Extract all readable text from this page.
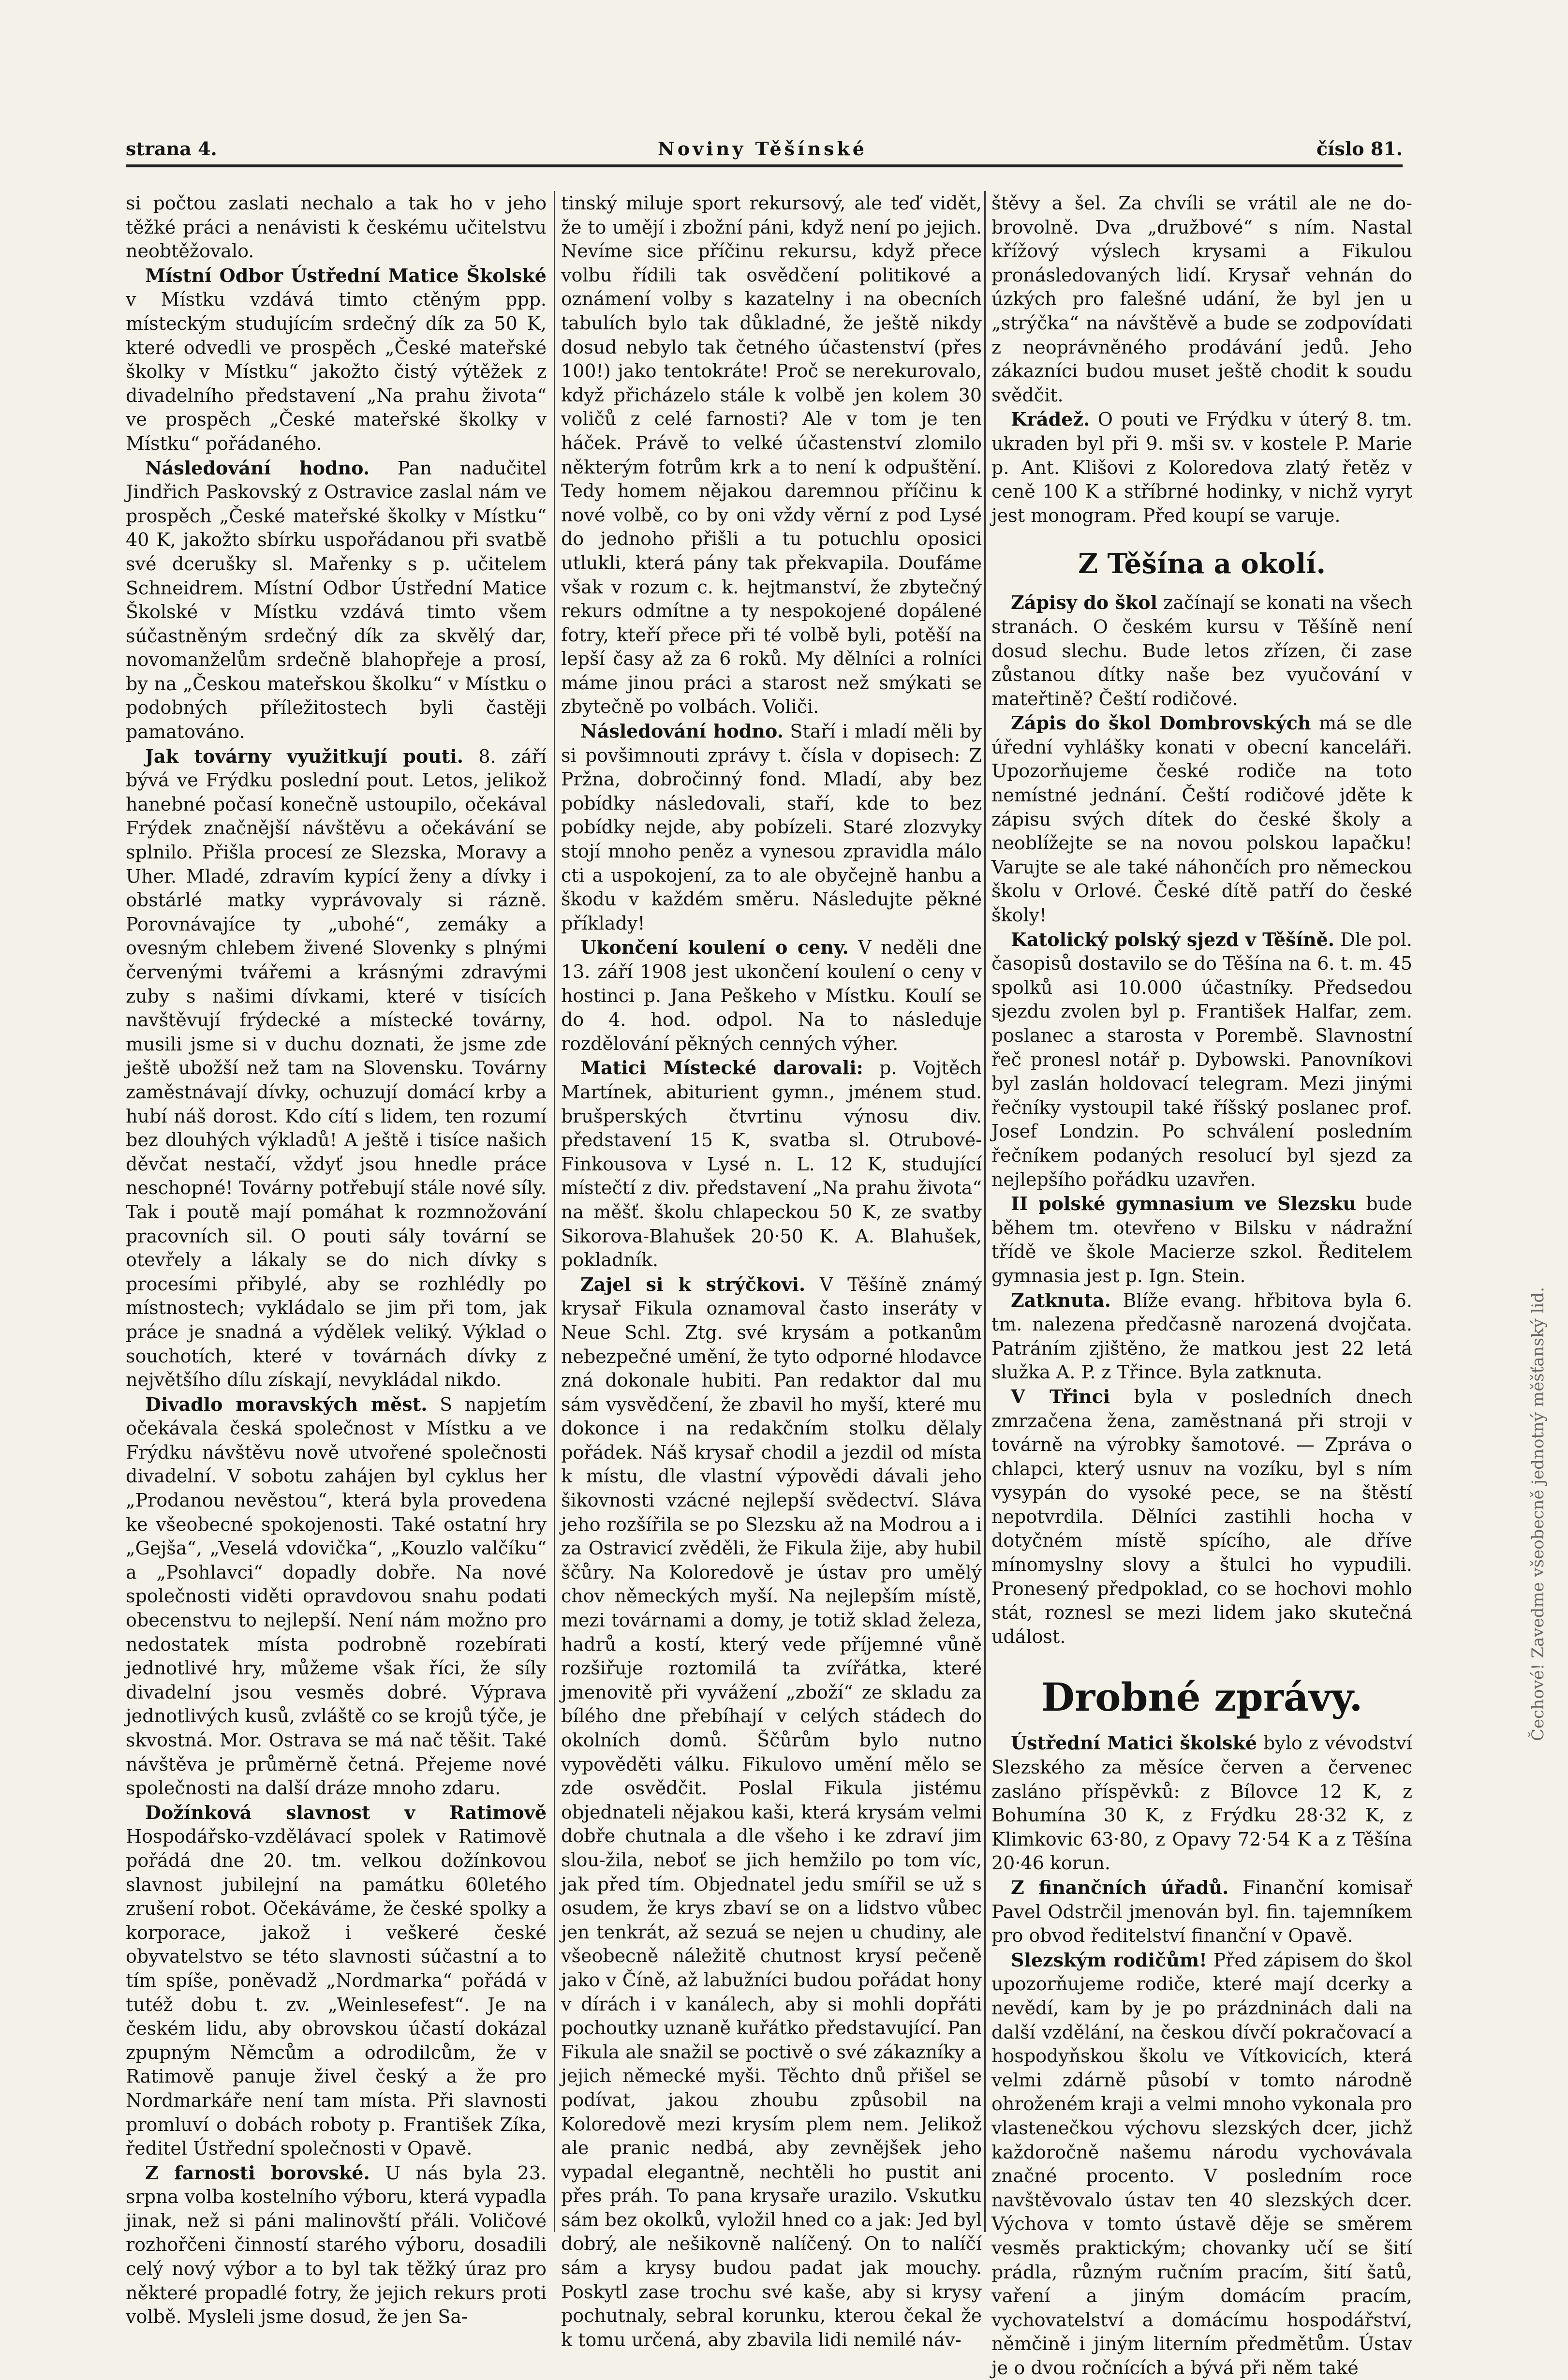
strana 4.	Noviny Těšínské	číslo 81.

si počtou zaslati nechalo a tak ho v jeho těžké práci a nenávisti k českému učitelstvu neobtěžovalo.

Místní Odbor Ústřední Matice Školské v Místku vzdává timto ctěným ppp. místeckým studujícím srdečný dík za 50 K, které odvedli ve prospěch „České mateřské školky v Místku“ jakožto čistý výtěžek z divadelního představení „Na prahu života“ ve prospěch „České mateřské školky v Místku“ pořádaného.

Následování hodno. Pan nadučitel Jindřich Paskovský z Ostravice zaslal nám ve prospěch „České mateřské školky v Místku“ 40 K, jakožto sbírku uspořádanou při svatbě své dcerušky sl. Mařenky s p. učitelem Schneidrem. Místní Odbor Ústřední Matice Školské v Místku vzdává timto všem súčastněným srdečný dík za skvělý dar, novomanželům srdečně blahopřeje a prosí, by na „Českou mateřskou školku“ v Místku o podobných příležitostech byli častěji pamatováno.

Jak továrny využitkují pouti. 8. září bývá ve Frýdku poslední pout. Letos, jelikož hanebné počasí konečně ustoupilo, očekával Frýdek značnější návštěvu a očekávání se splnilo. Přišla procesí ze Slezska, Moravy a Uher. Mladé, zdravím kypící ženy a dívky i obstárlé matky vyprávovaly si rázně. Porovnávajíce ty „ubohé“, zemáky a ovesným chlebem živené Slovenky s plnými červenými tvářemi a krásnými zdravými zuby s našimi dívkami, které v tisících navštěvují frýdecké a místecké továrny, musili jsme si v duchu doznati, že jsme zde ještě ubožší než tam na Slovensku. Továrny zaměstnávají dívky, ochuzují domácí krby a hubí náš dorost. Kdo cítí s lidem, ten rozumí bez dlouhých výkladů! A ještě i tisíce našich děvčat nestačí, vždyť jsou hnedle práce neschopné! Továrny potřebují stále nové síly. Tak i poutě mají pomáhat k rozmnožování pracovních sil. O pouti sály tovární se otevřely a lákaly se do nich dívky s procesími přibylé, aby se rozhlédly po místnostech; vykládalo se jim při tom, jak práce je snadná a výdělek veliký. Výklad o souchotích, které v továrnách dívky z největšího dílu získají, nevykládal nikdo.

Divadlo moravských měst. S napjetím očekávala česká společnost v Místku a ve Frýdku návštěvu nově utvořené společnosti divadelní. V sobotu zahájen byl cyklus her „Prodanou nevěstou“, která byla provedena ke všeobecné spokojenosti. Také ostatní hry „Gejša“, „Veselá vdovička“, „Kouzlo valčíku“ a „Psohlavci“ dopadly dobře. Na nové společnosti viděti opravdovou snahu podati obecenstvu to nejlepší. Není nám možno pro nedostatek místa podrobně rozebírati jednotlivé hry, můžeme však říci, že síly divadelní jsou vesměs dobré. Výprava jednotlivých kusů, zvláště co se krojů týče, je skvostná. Mor. Ostrava se má nač těšit. Také návštěva je průměrně četná. Přejeme nové společnosti na další dráze mnoho zdaru.

Dožínková slavnost v Ratimově Hospodářsko-vzdělávací spolek v Ratimově pořádá dne 20. tm. velkou dožínkovou slavnost jubilejní na památku 60letého zrušení robot. Očekáváme, že české spolky a korporace, jakož i veškeré české obyvatelstvo se této slavnosti súčastní a to tím spíše, poněvadž „Nordmarka“ pořádá v tutéž dobu t. zv. „Weinlesefest“. Je na českém lidu, aby obrovskou účastí dokázal zpupným Němcům a odrodilcům, že v Ratimově panuje živel český a že pro Nordmarkáře není tam místa. Při slavnosti promluví o dobách roboty p. František Zíka, ředitel Ústřední společnosti v Opavě.

Z farnosti borovské. U nás byla 23. srpna volba kostelního výboru, která vypadla jinak, než si páni malinovští přáli. Voličové rozhořčeni činností starého výboru, dosadili celý nový výbor a to byl tak těžký úraz pro některé propadlé fotry, že jejich rekurs proti volbě. Mysleli jsme dosud, že jen Sa-

tinský miluje sport rekursový, ale teď vidět, že to umějí i zbožní páni, když není po jejich. Nevíme sice příčinu rekursu, když přece volbu řídili tak osvědčení politikové a oznámení volby s kazatelny i na obecních tabulích bylo tak důkladné, že ještě nikdy dosud nebylo tak četného účastenství (přes 100!) jako tentokráte! Proč se nerekurovalo, když přicházelo stále k volbě jen kolem 30 voličů z celé farnosti? Ale v tom je ten háček. Právě to velké účastenství zlomilo některým fotrům krk a to není k odpuštění. Tedy homem nějakou daremnou příčinu k nové volbě, co by oni vždy věrní z pod Lysé do jednoho přišli a tu potuchlu oposici utlukli, která pány tak překvapila. Doufáme však v rozum c. k. hejtmanství, že zbytečný rekurs odmítne a ty nespokojené dopálené fotry, kteří přece při té volbě byli, potěší na lepší časy až za 6 roků. My dělníci a rolníci máme jinou práci a starost než smýkati se zbytečně po volbách. Voliči.

Následování hodno. Staří i mladí měli by si povšimnouti zprávy t. čísla v dopisech: Z Pržna, dobročinný fond. Mladí, aby bez pobídky následovali, staří, kde to bez pobídky nejde, aby pobízeli. Staré zlozvyky stojí mnoho peněz a vynesou zpravidla málo cti a uspokojení, za to ale obyčejně hanbu a škodu v každém směru. Následujte pěkné příklady!

Ukončení koulení o ceny. V neděli dne 13. září 1908 jest ukončení koulení o ceny v hostinci p. Jana Peškeho v Místku. Koulí se do 4. hod. odpol. Na to následuje rozdělování pěkných cenných výher.

Matici Místecké darovali: p. Vojtěch Martínek, abiturient gymn., jménem stud. brušperských čtvrtinu výnosu div. představení 15 K, svatba sl. Otrubové-Finkousova v Lysé n. L. 12 K, studující místečtí z div. představení „Na prahu života“ na měšť. školu chlapeckou 50 K, ze svatby Sikorova-Blahušek 20·50 K. A. Blahušek, pokladník.

Zajel si k strýčkovi. V Těšíně známý krysař Fikula oznamoval často inseráty v Neue Schl. Ztg. své krysám a potkanům nebezpečné umění, že tyto odporné hlodavce zná dokonale hubiti. Pan redaktor dal mu sám vysvědčení, že zbavil ho myší, které mu dokonce i na redakčním stolku dělaly pořádek. Náš krysař chodil a jezdil od místa k místu, dle vlastní výpovědi dávali jeho šikovnosti vzácné nejlepší svědectví. Sláva jeho rozšířila se po Slezsku až na Modrou a i za Ostravicí zvěděli, že Fikula žije, aby hubil ščůry. Na Koloredově je ústav pro umělý chov německých myší. Na nejlepším místě, mezi továrnami a domy, je totiž sklad železa, hadrů a kostí, který vede příjemné vůně rozšiřuje roztomilá ta zvířátka, které jmenovitě při vyvážení „zboží“ ze skladu za bílého dne přebíhají v celých stádech do okolních domů. Ščůrům bylo nutno vypověděti válku. Fikulovo umění mělo se zde osvědčit. Poslal Fikula jistému objednateli nějakou kaši, která krysám velmi dobře chutnala a dle všeho i ke zdraví jim slou-žila, neboť se jich hemžilo po tom víc, jak před tím. Objednatel jedu smířil se už s osudem, že krys zbaví se on a lidstvo vůbec jen tenkrát, až sezuá se nejen u chudiny, ale všeobecně náležitě chutnost krysí pečeně jako v Číně, až labužníci budou pořádat hony v dírách i v kanálech, aby si mohli dopřáti pochoutky uznaně kuřátko představující. Pan Fikula ale snažil se poctivě o své zákazníky a jejich německé myši. Těchto dnů přišel se podívat, jakou zhoubu způsobil na Koloredově mezi krysím plem nem. Jelikož ale pranic nedbá, aby zevnějšek jeho vypadal elegantně, nechtěli ho pustit ani přes práh. To pana krysaře urazilo. Vskutku sám bez okolků, vyložil hned co a jak: Jed byl dobrý, ale nešikovně nalíčený. On to nalíčí sám a krysy budou padat jak mouchy. Poskytl zase trochu své kaše, aby si krysy pochutnaly, sebral korunku, kterou čekal že k tomu určená, aby zbavila lidi nemilé náv-

štěvy a šel. Za chvíli se vrátil ale ne do-brovolně. Dva „družbové“ s ním. Nastal křížový výslech krysami a Fikulou pronásledovaných lidí. Krysař vehnán do úzkých pro falešné udání, že byl jen u „strýčka“ na návštěvě a bude se zodpovídati z neoprávněného prodávání jedů. Jeho zákazníci budou muset ještě chodit k soudu svědčit.

Krádež. O pouti ve Frýdku v úterý 8. tm. ukraden byl při 9. mši sv. v kostele P. Marie p. Ant. Klišovi z Koloredova zlatý řetěz v ceně 100 K a stříbrné hodinky, v nichž vyryt jest monogram. Před koupí se varuje.

Z Těšína a okolí.

Zápisy do škol začínají se konati na všech stranách. O českém kursu v Těšíně není dosud slechu. Bude letos zřízen, či zase zůstanou dítky naše bez vyučování v mateřtině? Čeští rodičové.

Zápis do škol Dombrovských má se dle úřední vyhlášky konati v obecní kanceláři. Upozorňujeme české rodiče na toto nemístné jednání. Čeští rodičové jděte k zápisu svých dítek do české školy a neoblížejte se na novou polskou lapačku! Varujte se ale také náhončích pro německou školu v Orlové. České dítě patří do české školy!

Katolický polský sjezd v Těšíně. Dle pol. časopisů dostavilo se do Těšína na 6. t. m. 45 spolků asi 10.000 účastníky. Předsedou sjezdu zvolen byl p. František Halfar, zem. poslanec a starosta v Porembě. Slavnostní řeč pronesl notář p. Dybowski. Panovníkovi byl zaslán holdovací telegram. Mezi jinými řečníky vystoupil také říšský poslanec prof. Josef Londzin. Po schválení posledním řečníkem podaných resolucí byl sjezd za nejlepšího pořádku uzavřen.

II polské gymnasium ve Slezsku bude během tm. otevřeno v Bilsku v nádražní třídě ve škole Macierze szkol. Ředitelem gymnasia jest p. Ign. Stein.

Zatknuta. Blíže evang. hřbitova byla 6. tm. nalezena předčasně narozená dvojčata. Patráním zjištěno, že matkou jest 22 letá služka A. P. z Třince. Byla zatknuta.

V Třinci byla v posledních dnech zmrzačena žena, zaměstnaná při stroji v továrně na výrobky šamotové. — Zpráva o chlapci, který usnuv na vozíku, byl s ním vysypán do vysoké pece, se na štěstí nepotvrdila. Dělníci zastihli hocha v dotyčném místě spícího, ale dříve mínomyslny slovy a štulci ho vypudili. Pronesený předpoklad, co se hochovi mohlo stát, roznesl se mezi lidem jako skutečná událost.

Drobné zprávy.

Ústřední Matici školské bylo z vévodství Slezského za měsíce červen a červenec zasláno příspěvků: z Bílovce 12 K, z Bohumína 30 K, z Frýdku 28·32 K, z Klimkovic 63·80, z Opavy 72·54 K a z Těšína 20·46 korun.

Z finančních úřadů. Finanční komisař Pavel Odstrčil jmenován byl. fin. tajemníkem pro obvod ředitelství finanční v Opavě.

Slezským rodičům! Před zápisem do škol upozorňujeme rodiče, které mají dcerky a nevědí, kam by je po prázdninách dali na další vzdělání, na českou dívčí pokračovací a hospodyňskou školu ve Vítkovicích, která velmi zdárně působí v tomto národně ohroženém kraji a velmi mnoho vykonala pro vlastenečkou výchovu slezských dcer, jichž každoročně našemu národu vychovávala značné procento. V posledním roce navštěvovalo ústav ten 40 slezských dcer. Výchova v tomto ústavě děje se směrem vesměs praktickým; chovanky učí se šití prádla, různým ručním pracím, šití šatů, vaření a jiným domácím pracím, vychovatelství a domácímu hospodářství, němčině i jiným literním předmětům. Ústav je o dvou ročnících a bývá při něm také

Čechové! Zavedme všeobecně jednotný měšťanský lid.
